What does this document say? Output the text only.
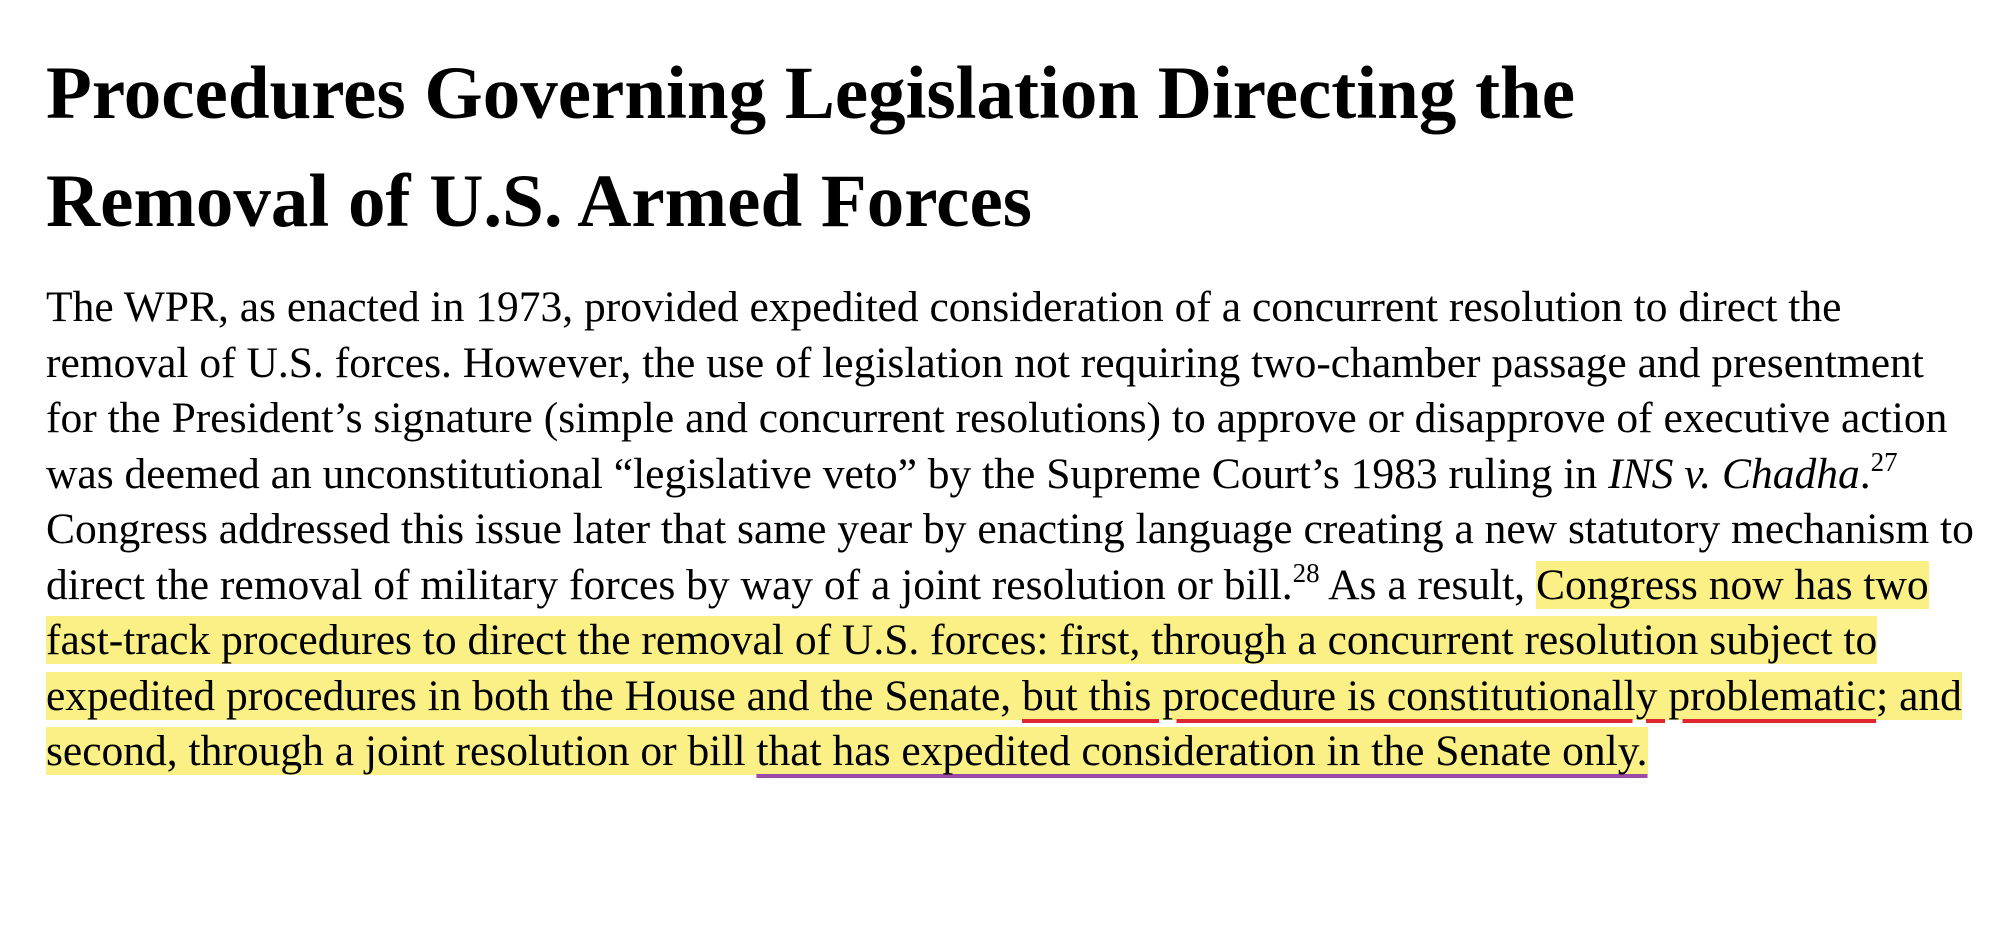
Procedures Governing Legislation Directing the
Removal of U.S. Armed Forces

The WPR, as enacted in 1973, provided expedited consideration of a concurrent resolution to direct the removal of U.S. forces. However, the use of legislation not requiring two-chamber passage and presentment for the President’s signature (simple and concurrent resolutions) to approve or disapprove of executive action was deemed an unconstitutional “legislative veto” by the Supreme Court’s 1983 ruling in INS v. Chadha.$^{27}$ Congress addressed this issue later that same year by enacting language creating a new statutory mechanism to direct the removal of military forces by way of a joint resolution or bill.$^{28}$ As a result, Congress now has two fast-track procedures to direct the removal of U.S. forces: first, through a concurrent resolution subject to expedited procedures in both the House and the Senate, but this procedure is constitutionally problematic; and second, through a joint resolution or bill that has expedited consideration in the Senate only.
